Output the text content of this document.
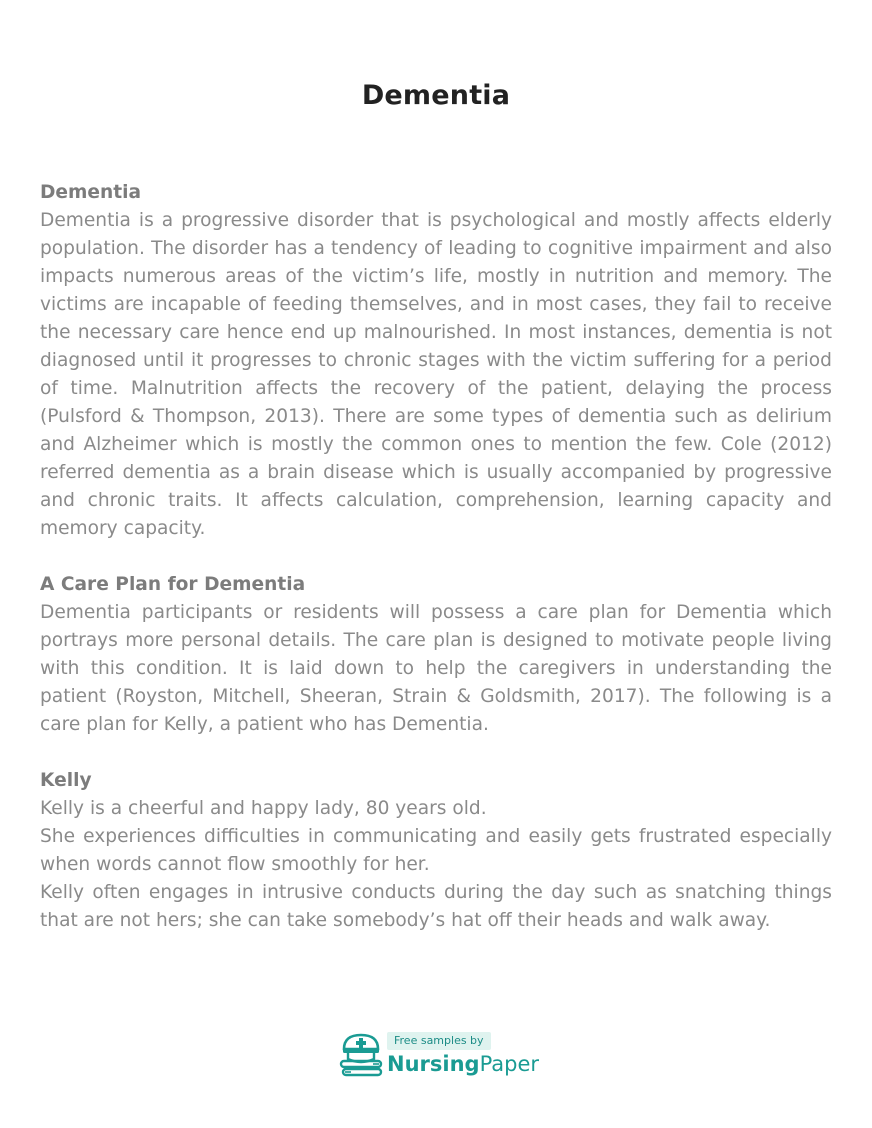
Dementia
Dementia

Dementia is a progressive disorder that is psychological and mostly affects elderly population. The disorder has a tendency of leading to cognitive impairment and also impacts numerous areas of the victim’s life, mostly in nutrition and memory. The victims are incapable of feeding themselves, and in most cases, they fail to receive the necessary care hence end up malnourished. In most instances, dementia is not diagnosed until it progresses to chronic stages with the victim suffering for a period of time. Malnutrition affects the recovery of the patient, delaying the process (Pulsford & Thompson, 2013). There are some types of dementia such as delirium and Alzheimer which is mostly the common ones to mention the few. Cole (2012) referred dementia as a brain disease which is usually accompanied by progressive and chronic traits. It affects calculation, comprehension, learning capacity and memory capacity.

A Care Plan for Dementia

Dementia participants or residents will possess a care plan for Dementia which portrays more personal details. The care plan is designed to motivate people living with this condition. It is laid down to help the caregivers in understanding the patient (Royston, Mitchell, Sheeran, Strain & Goldsmith, 2017). The following is a care plan for Kelly, a patient who has Dementia.

Kelly

Kelly is a cheerful and happy lady, 80 years old.

She experiences difficulties in communicating and easily gets frustrated especially when words cannot flow smoothly for her.

Kelly often engages in intrusive conducts during the day such as snatching things that are not hers; she can take somebody’s hat off their heads and walk away.

Free samples by
NursingPaper
